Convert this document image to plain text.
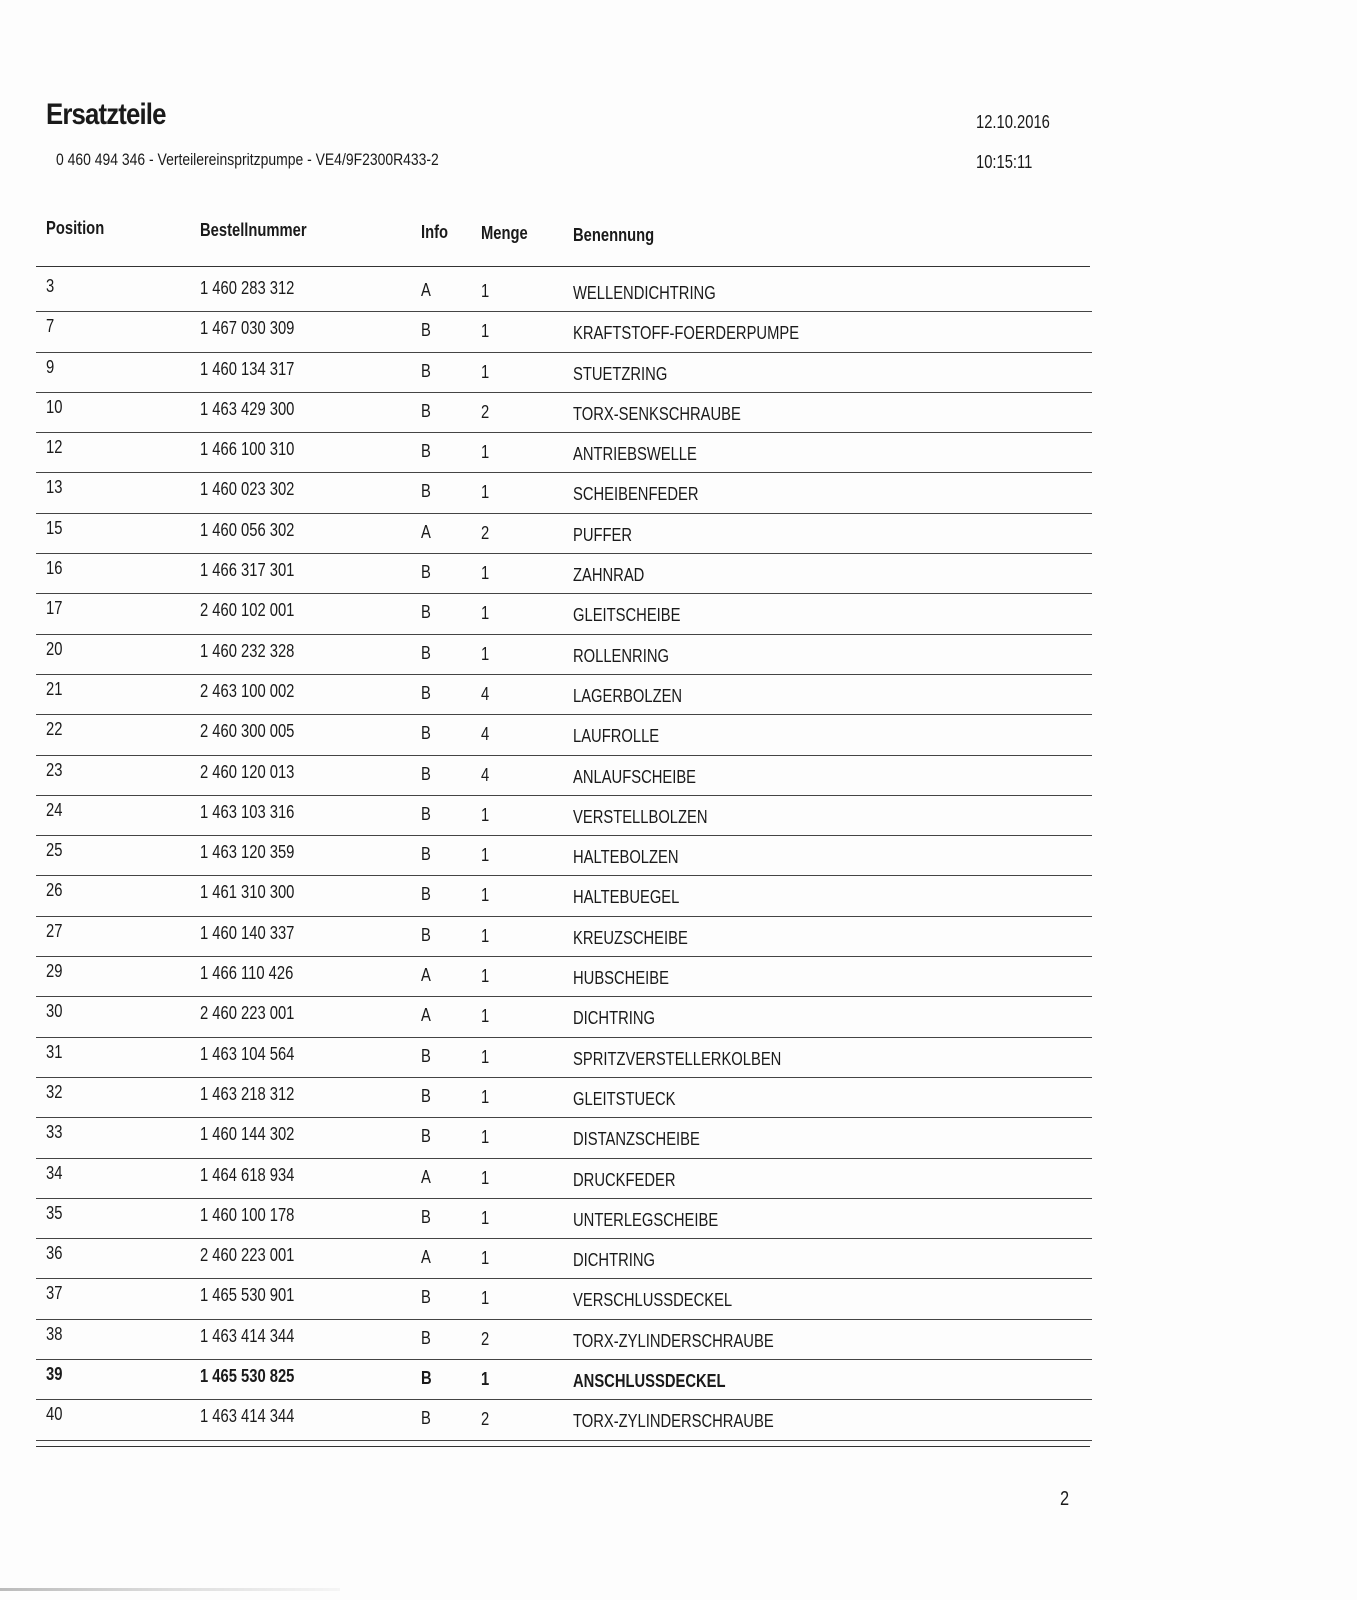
Ersatzteile
0 460 494 346 - Verteilereinspritzpumpe - VE4/9F2300R433-2
12.10.2016
10:15:11
Position	Bestellnummer	Info Menge	Benennung
3	1 460 283 312	A	1	WELLENDICHTRING
7	1 467 030 309	B	1	KRAFTSTOFF-FOERDERPUMPE
9	1 460 134 317	B	1	STUETZRING
10	1 463 429 300	B	2	TORX-SENKSCHRAUBE
12	1 466 100 310	B	1	ANTRIEBSWELLE
13	1 460 023 302	B	1	SCHEIBENFEDER
15	1 460 056 302	A	2	PUFFER
16	1 466 317 301	B	1	ZAHNRAD
17	2 460 102 001	B	1	GLEITSCHEIBE
20	1 460 232 328	B	1	ROLLENRING
21	2 463 100 002	B	4	LAGERBOLZEN
22	2 460 300 005	B	4	LAUFROLLE
23	2 460 120 013	B	4	ANLAUFSCHEIBE
24	1 463 103 316	B	1	VERSTELLBOLZEN
25	1 463 120 359	B	1	HALTEBOLZEN
26	1 461 310 300	B	1	HALTEBUEGEL
27	1 460 140 337	B	1	KREUZSCHEIBE
29	1 466 110 426	A	1	HUBSCHEIBE
30	2 460 223 001	A	1	DICHTRING
31	1 463 104 564	B	1	SPRITZVERSTELLERKOLBEN
32	1 463 218 312	B	1	GLEITSTUECK
33	1 460 144 302	B	1	DISTANZSCHEIBE
34	1 464 618 934	A	1	DRUCKFEDER
35	1 460 100 178	B	1	UNTERLEGSCHEIBE
36	2 460 223 001	A	1	DICHTRING
37	1 465 530 901	B	1	VERSCHLUSSDECKEL
38	1 463 414 344	B	2	TORX-ZYLINDERSCHRAUBE
39	1 465 530 825	B	1	ANSCHLUSSDECKEL
40	1 463 414 344	B	2	TORX-ZYLINDERSCHRAUBE
2
